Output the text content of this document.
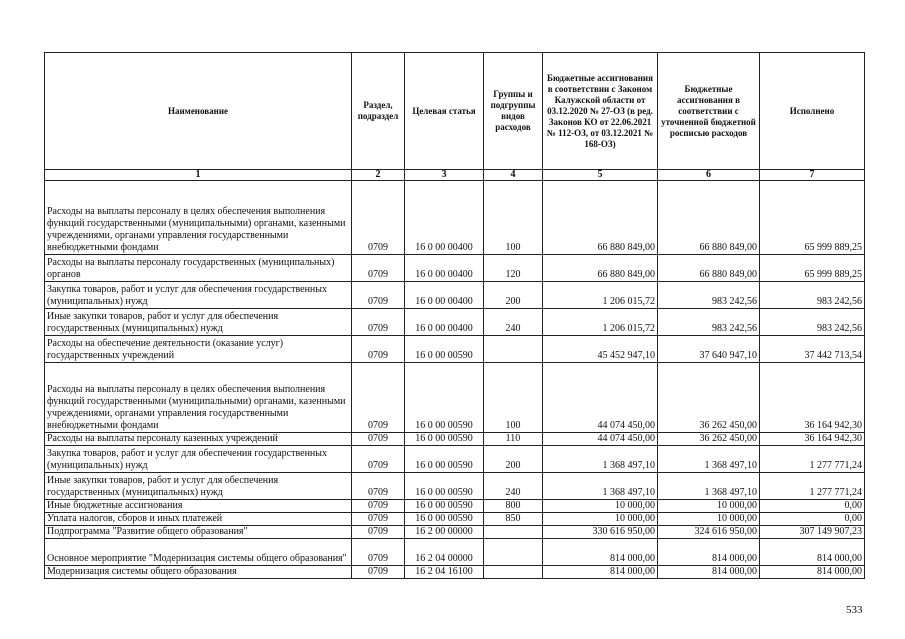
Наименование	Раздел, подраздел	Целевая статья	Группы и подгруппы видов расходов	Бюджетные ассигнования в соответствии с Законом Калужской области от 03.12.2020 № 27-ОЗ (в ред. Законов КО от 22.06.2021 № 112-ОЗ, от 03.12.2021 № 168-ОЗ)	Бюджетные ассигнования в соответствии с уточненной бюджетной росписью расходов	Исполнено
1	2	3	4	5	6	7
Расходы на выплаты персоналу в целях обеспечения выполнения функций государственными (муниципальными) органами, казенными учреждениями, органами управления государственными внебюджетными фондами	0709	16 0 00 00400	100	66 880 849,00	66 880 849,00	65 999 889,25
Расходы на выплаты персоналу государственных (муниципальных) органов	0709	16 0 00 00400	120	66 880 849,00	66 880 849,00	65 999 889,25
Закупка товаров, работ и услуг для обеспечения государственных (муниципальных) нужд	0709	16 0 00 00400	200	1 206 015,72	983 242,56	983 242,56
Иные закупки товаров, работ и услуг для обеспечения государственных (муниципальных) нужд	0709	16 0 00 00400	240	1 206 015,72	983 242,56	983 242,56
Расходы на обеспечение деятельности (оказание услуг) государственных учреждений	0709	16 0 00 00590		45 452 947,10	37 640 947,10	37 442 713,54
Расходы на выплаты персоналу в целях обеспечения выполнения функций государственными (муниципальными) органами, казенными учреждениями, органами управления государственными внебюджетными фондами	0709	16 0 00 00590	100	44 074 450,00	36 262 450,00	36 164 942,30
Расходы на выплаты персоналу казенных учреждений	0709	16 0 00 00590	110	44 074 450,00	36 262 450,00	36 164 942,30
Закупка товаров, работ и услуг для обеспечения государственных (муниципальных) нужд	0709	16 0 00 00590	200	1 368 497,10	1 368 497,10	1 277 771,24
Иные закупки товаров, работ и услуг для обеспечения государственных (муниципальных) нужд	0709	16 0 00 00590	240	1 368 497,10	1 368 497,10	1 277 771,24
Иные бюджетные ассигнования	0709	16 0 00 00590	800	10 000,00	10 000,00	0,00
Уплата налогов, сборов и иных платежей	0709	16 0 00 00590	850	10 000,00	10 000,00	0,00
Подпрограмма "Развитие общего образования"	0709	16 2 00 00000		330 616 950,00	324 616 950,00	307 149 907,23
Основное мероприятие "Модернизация системы общего образования"	0709	16 2 04 00000		814 000,00	814 000,00	814 000,00
Модернизация системы общего образования	0709	16 2 04 16100		814 000,00	814 000,00	814 000,00
533
